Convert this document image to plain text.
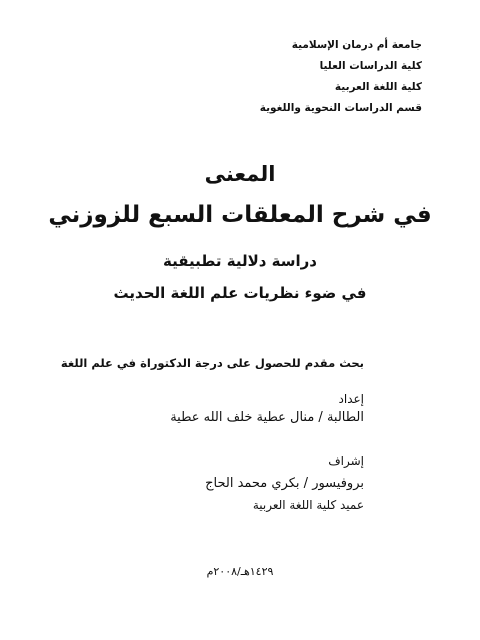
جامعة أم درمان الإسلامية
كلية الدراسات العليا
كلية اللغة العربية
قسم الدراسات النحوية واللغوية
المعنى
في شرح المعلقات السبع للزوزني
دراسة دلالية تطبيقية
في ضوء نظريات علم اللغة الحديث
بحث مقدم للحصول على درجة الدكتوراة في علم اللغة
إعداد
الطالبة / منال عطية خلف الله عطية
إشراف
بروفيسور / بكري محمد الحاج
عميد كلية اللغة العربية
١٤٢٩هـ/٢٠٠٨م
